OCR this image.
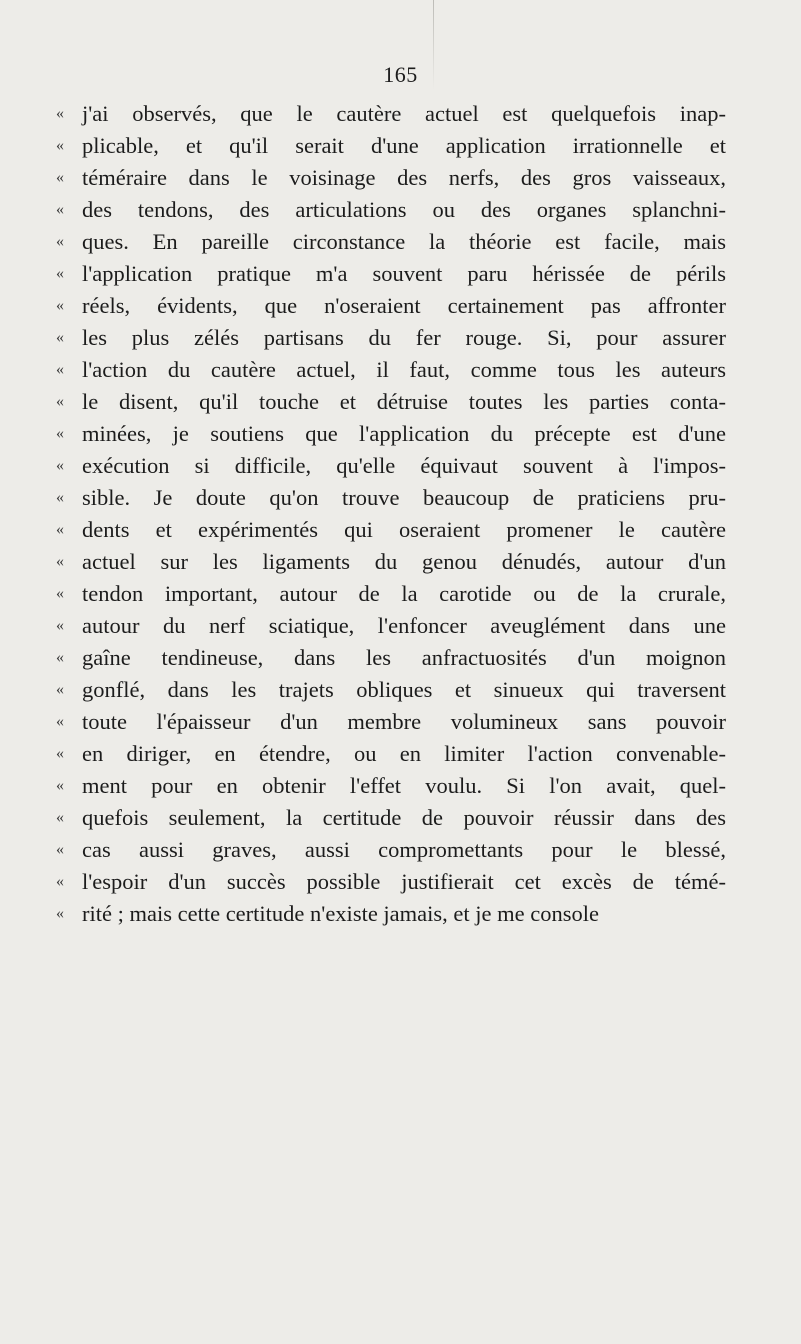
165
« j'ai observés, que le cautère actuel est quelquefois inap-
« plicable, et qu'il serait d'une application irrationnelle et
« téméraire dans le voisinage des nerfs, des gros vaisseaux,
« des tendons, des articulations ou des organes splanchni-
« ques. En pareille circonstance la théorie est facile, mais
« l'application pratique m'a souvent paru hérissée de périls
« réels, évidents, que n'oseraient certainement pas affronter
« les plus zélés partisans du fer rouge. Si, pour assurer
« l'action du cautère actuel, il faut, comme tous les auteurs
« le disent, qu'il touche et détruise toutes les parties conta-
« minées, je soutiens que l'application du précepte est d'une
« exécution si difficile, qu'elle équivaut souvent à l'impos-
« sible. Je doute qu'on trouve beaucoup de praticiens pru-
« dents et expérimentés qui oseraient promener le cautère
« actuel sur les ligaments du genou dénudés, autour d'un
« tendon important, autour de la carotide ou de la crurale,
« autour du nerf sciatique, l'enfoncer aveuglément dans une
« gaîne tendineuse, dans les anfractuosités d'un moignon
« gonflé, dans les trajets obliques et sinueux qui traversent
« toute l'épaisseur d'un membre volumineux sans pouvoir
« en diriger, en étendre, ou en limiter l'action convenable-
« ment pour en obtenir l'effet voulu. Si l'on avait, quel-
« quefois seulement, la certitude de pouvoir réussir dans des
« cas aussi graves, aussi compromettants pour le blessé,
« l'espoir d'un succès possible justifierait cet excès de témé-
« rité ; mais cette certitude n'existe jamais, et je me console
